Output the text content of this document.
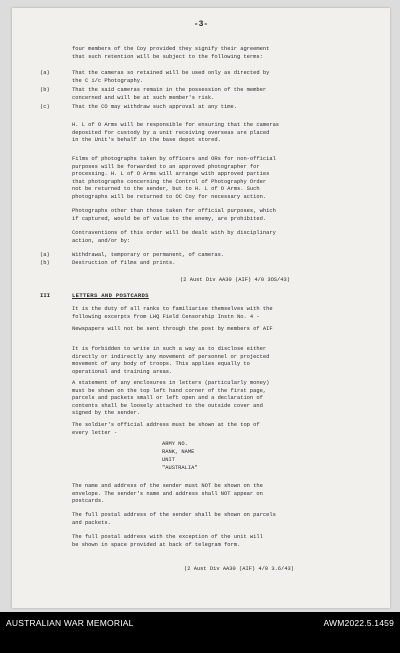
-3-
four members of the Coy provided they signify their agreement
that such retention will be subject to the following terms:
(a)	That the cameras so retained will be used only as directed by
the C i/c Photography.
(b)	That the said cameras remain in the possession of the member
concerned and will be at such member's risk.
(c)	That the CO may withdraw such approval at any time.
H. L of O Arms will be responsible for ensuring that the cameras
deposited for custody by a unit receiving overseas are placed
in the Unit's behalf in the base depot stored.
Films of photographs taken by officers and ORs for non-official
purposes will be forwarded to an approved photographer for
processing. H. L of O Arms will arrange with approved parties
that photographs concerning the Control of Photography Order
not be returned to the sender, but to H. L of O Arms. Such
photographs will be returned to OC Coy for necessary action.
Photographs other than those taken for official purposes, which
if captured, would be of value to the enemy, are prohibited.
Contraventions of this order will be dealt with by disciplinary
action, and/or by:
(a)	Withdrawal, temporary or permanent, of cameras.
(b)	Destruction of films and prints.
(2 Aust Div AA30 (AIF) 4/0 3OS/43)
III	LETTERS AND POSTCARDS
It is the duty of all ranks to familiarise themselves with the
following excerpts from LHQ Field Censorship Instn No. 4 -
Newspapers will not be sent through the post by members of AIF
It is forbidden to write in such a way as to disclose either
directly or indirectly any movement of personnel or projected
movement of any body of troops. This applies equally to
operational and training areas.
A statement of any enclosures in letters (particularly money)
must be shown on the top left hand corner of the first page,
parcels and packets small or left open and a declaration of
contents shall be loosely attached to the outside cover and
signed by the sender.
The soldier's official address must be shown at the top of
every letter -
ARMY NO.
RANK, NAME
UNIT
"AUSTRALIA"
The name and address of the sender must NOT be shown on the
envelope. The sender's name and address shall NOT appear on
postcards.
The full postal address of the sender shall be shown on parcels
and packets.
The full postal address with the exception of the unit will
be shown in space provided at back of telegram form.
(2 Aust Div AA30 (AIF) 4/0 3.6/43)
AUSTRALIAN WAR MEMORIAL	AWM2022.5.1459
